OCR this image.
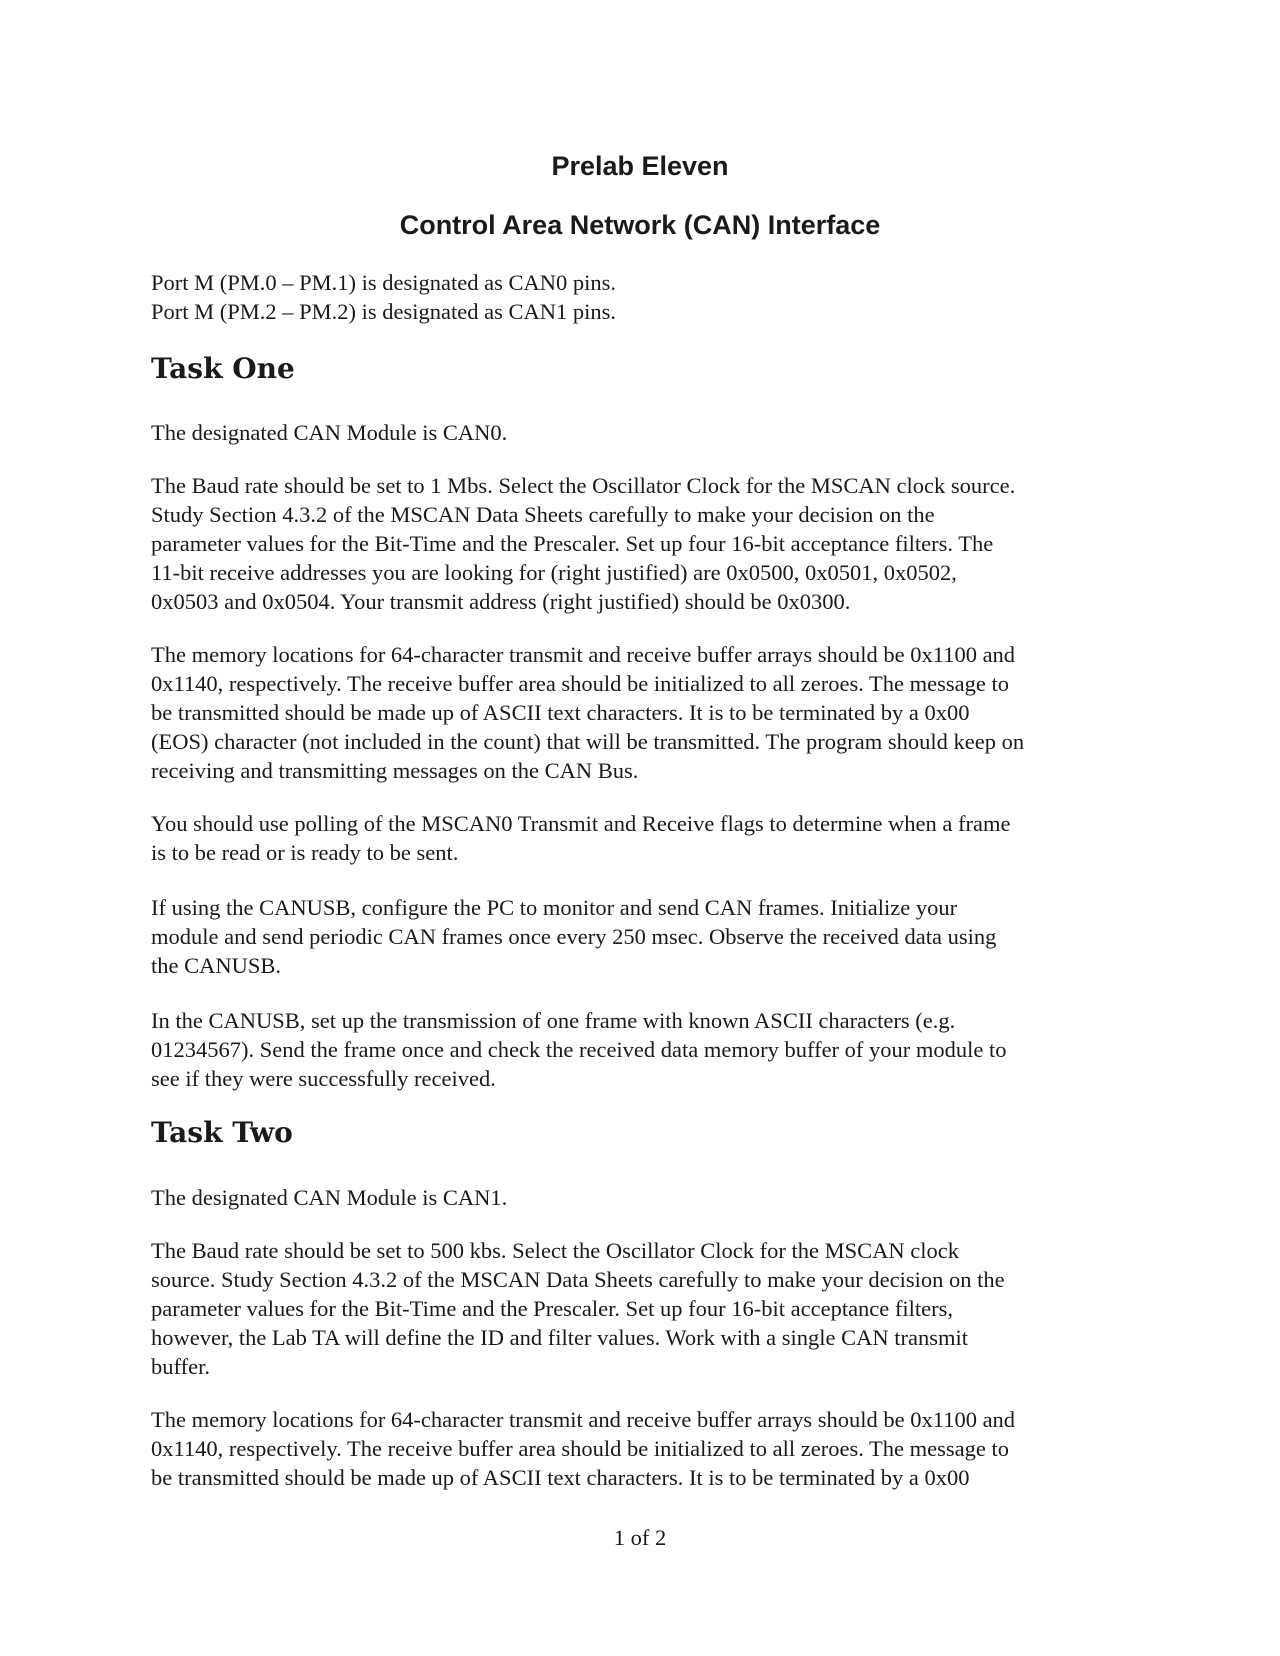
Prelab Eleven
Control Area Network (CAN) Interface
Port M (PM.0 – PM.1) is designated as CAN0 pins.
Port M (PM.2 – PM.2) is designated as CAN1 pins.
Task One
The designated CAN Module is CAN0.
The Baud rate should be set to 1 Mbs. Select the Oscillator Clock for the MSCAN clock source.
Study Section 4.3.2 of the MSCAN Data Sheets carefully to make your decision on the
parameter values for the Bit-Time and the Prescaler. Set up four 16-bit acceptance filters. The
11-bit receive addresses you are looking for (right justified) are 0x0500, 0x0501, 0x0502,
0x0503 and 0x0504. Your transmit address (right justified) should be 0x0300.
The memory locations for 64-character transmit and receive buffer arrays should be 0x1100 and
0x1140, respectively. The receive buffer area should be initialized to all zeroes. The message to
be transmitted should be made up of ASCII text characters. It is to be terminated by a 0x00
(EOS) character (not included in the count) that will be transmitted. The program should keep on
receiving and transmitting messages on the CAN Bus.
You should use polling of the MSCAN0 Transmit and Receive flags to determine when a frame
is to be read or is ready to be sent.
If using the CANUSB, configure the PC to monitor and send CAN frames. Initialize your
module and send periodic CAN frames once every 250 msec. Observe the received data using
the CANUSB.
In the CANUSB, set up the transmission of one frame with known ASCII characters (e.g.
01234567). Send the frame once and check the received data memory buffer of your module to
see if they were successfully received.
Task Two
The designated CAN Module is CAN1.
The Baud rate should be set to 500 kbs. Select the Oscillator Clock for the MSCAN clock
source. Study Section 4.3.2 of the MSCAN Data Sheets carefully to make your decision on the
parameter values for the Bit-Time and the Prescaler. Set up four 16-bit acceptance filters,
however, the Lab TA will define the ID and filter values. Work with a single CAN transmit
buffer.
The memory locations for 64-character transmit and receive buffer arrays should be 0x1100 and
0x1140, respectively. The receive buffer area should be initialized to all zeroes. The message to
be transmitted should be made up of ASCII text characters. It is to be terminated by a 0x00

1 of 2
